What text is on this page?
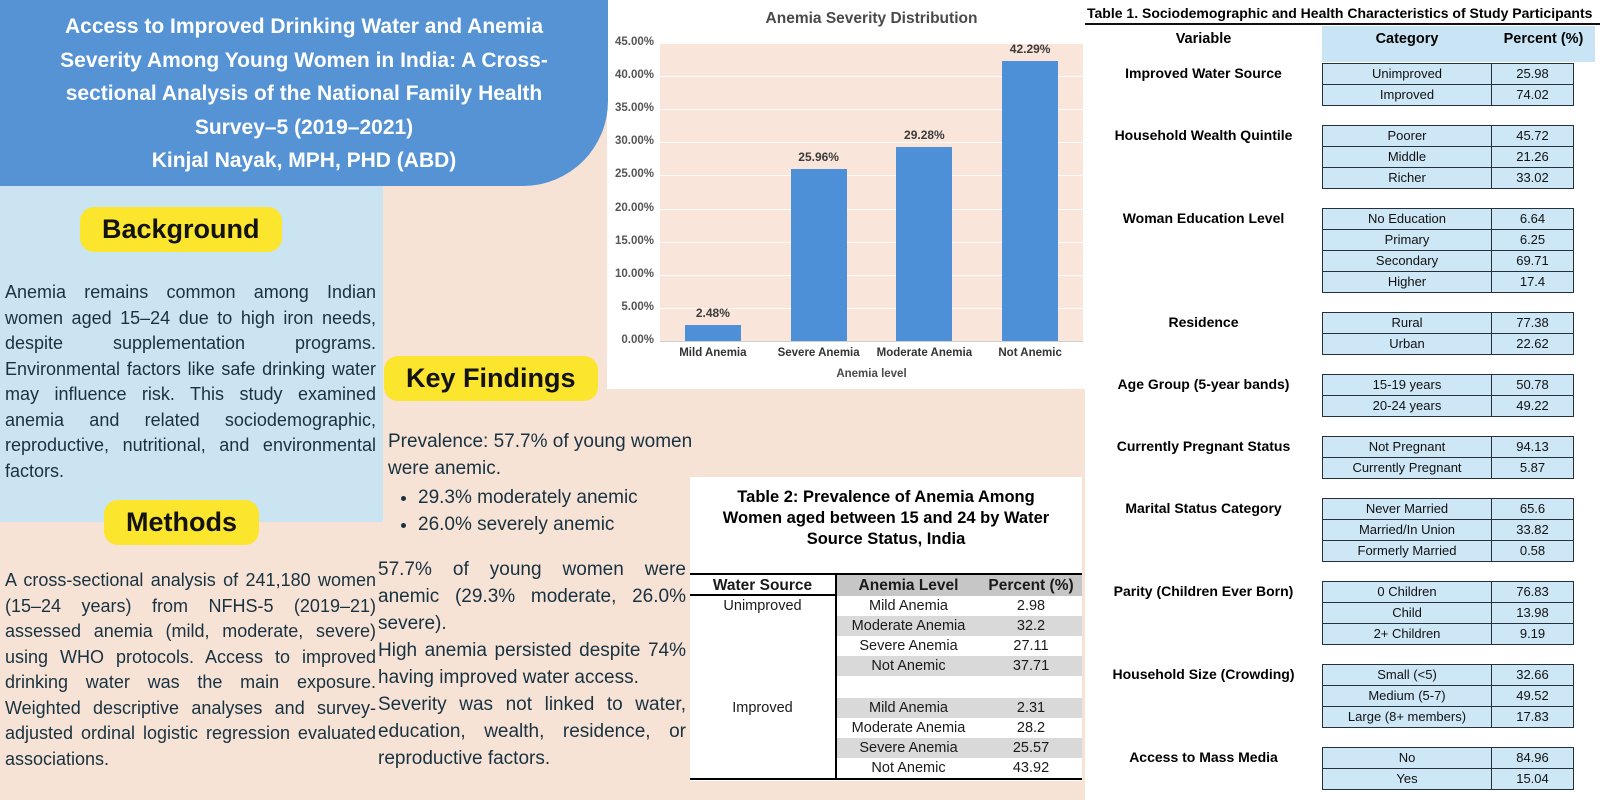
Access to Improved Drinking Water and Anemia
Severity Among Young Women in India: A Cross-
sectional Analysis of the National Family Health
Survey–5 (2019–2021)
Kinjal Nayak, MPH, PHD (ABD)
Background
Anemia remains common among Indian women aged 15–24 due to high iron needs, despite supplementation programs. Environmental factors like safe drinking water may influence risk. This study examined anemia and related sociodemographic, reproductive, nutritional, and environmental factors.
Methods
A cross-sectional analysis of 241,180 women (15–24 years) from NFHS-5 (2019–21) assessed anemia (mild, moderate, severe) using WHO protocols. Access to improved drinking water was the main exposure. Weighted descriptive analyses and survey-adjusted ordinal logistic regression evaluated associations.
Key Findings
Prevalence: 57.7% of young women were anemic.
• 29.3% moderately anemic
• 26.0% severely anemic

57.7% of young women were anemic (29.3% moderate, 26.0% severe).

High anemia persisted despite 74% having improved water access.

Severity was not linked to water, education, wealth, residence, or reproductive factors.

Anemia Severity Distribution
45.00%
40.00%
35.00%
30.00%
25.00%
20.00%
15.00%
10.00%
5.00%
0.00%
2.48%
25.96%
29.28%
42.29%
Mild Anemia	Severe Anemia	Moderate Anemia	Not Anemic
Anemia level
Table 2: Prevalence of Anemia Among Women aged between 15 and 24 by Water Source Status, India
Water Source	Anemia Level	Percent (%)
Unimproved	Mild Anemia	2.98
Moderate Anemia	32.2
Severe Anemia	27.11
Not Anemic	37.71
Improved	Mild Anemia	2.31
Moderate Anemia	28.2
Severe Anemia	25.57
Not Anemic	43.92
Table 1. Sociodemographic and Health Characteristics of Study Participants
Variable	Category	Percent (%)
Improved Water Source	Unimproved	25.98
Improved	74.02
Household Wealth Quintile	Poorer	45.72
Middle	21.26
Richer	33.02
Woman Education Level	No Education	6.64
Primary	6.25
Secondary	69.71
Higher	17.4
Residence	Rural	77.38
Urban	22.62
Age Group (5-year bands)	15-19 years	50.78
20-24 years	49.22
Currently Pregnant Status	Not Pregnant	94.13
Currently Pregnant	5.87
Marital Status Category	Never Married	65.6
Married/In Union	33.82
Formerly Married	0.58
Parity (Children Ever Born)	0 Children	76.83
Child	13.98
2+ Children	9.19
Household Size (Crowding)	Small (<5)	32.66
Medium (5-7)	49.52
Large (8+ members)	17.83
Access to Mass Media	No	84.96
Yes	15.04
